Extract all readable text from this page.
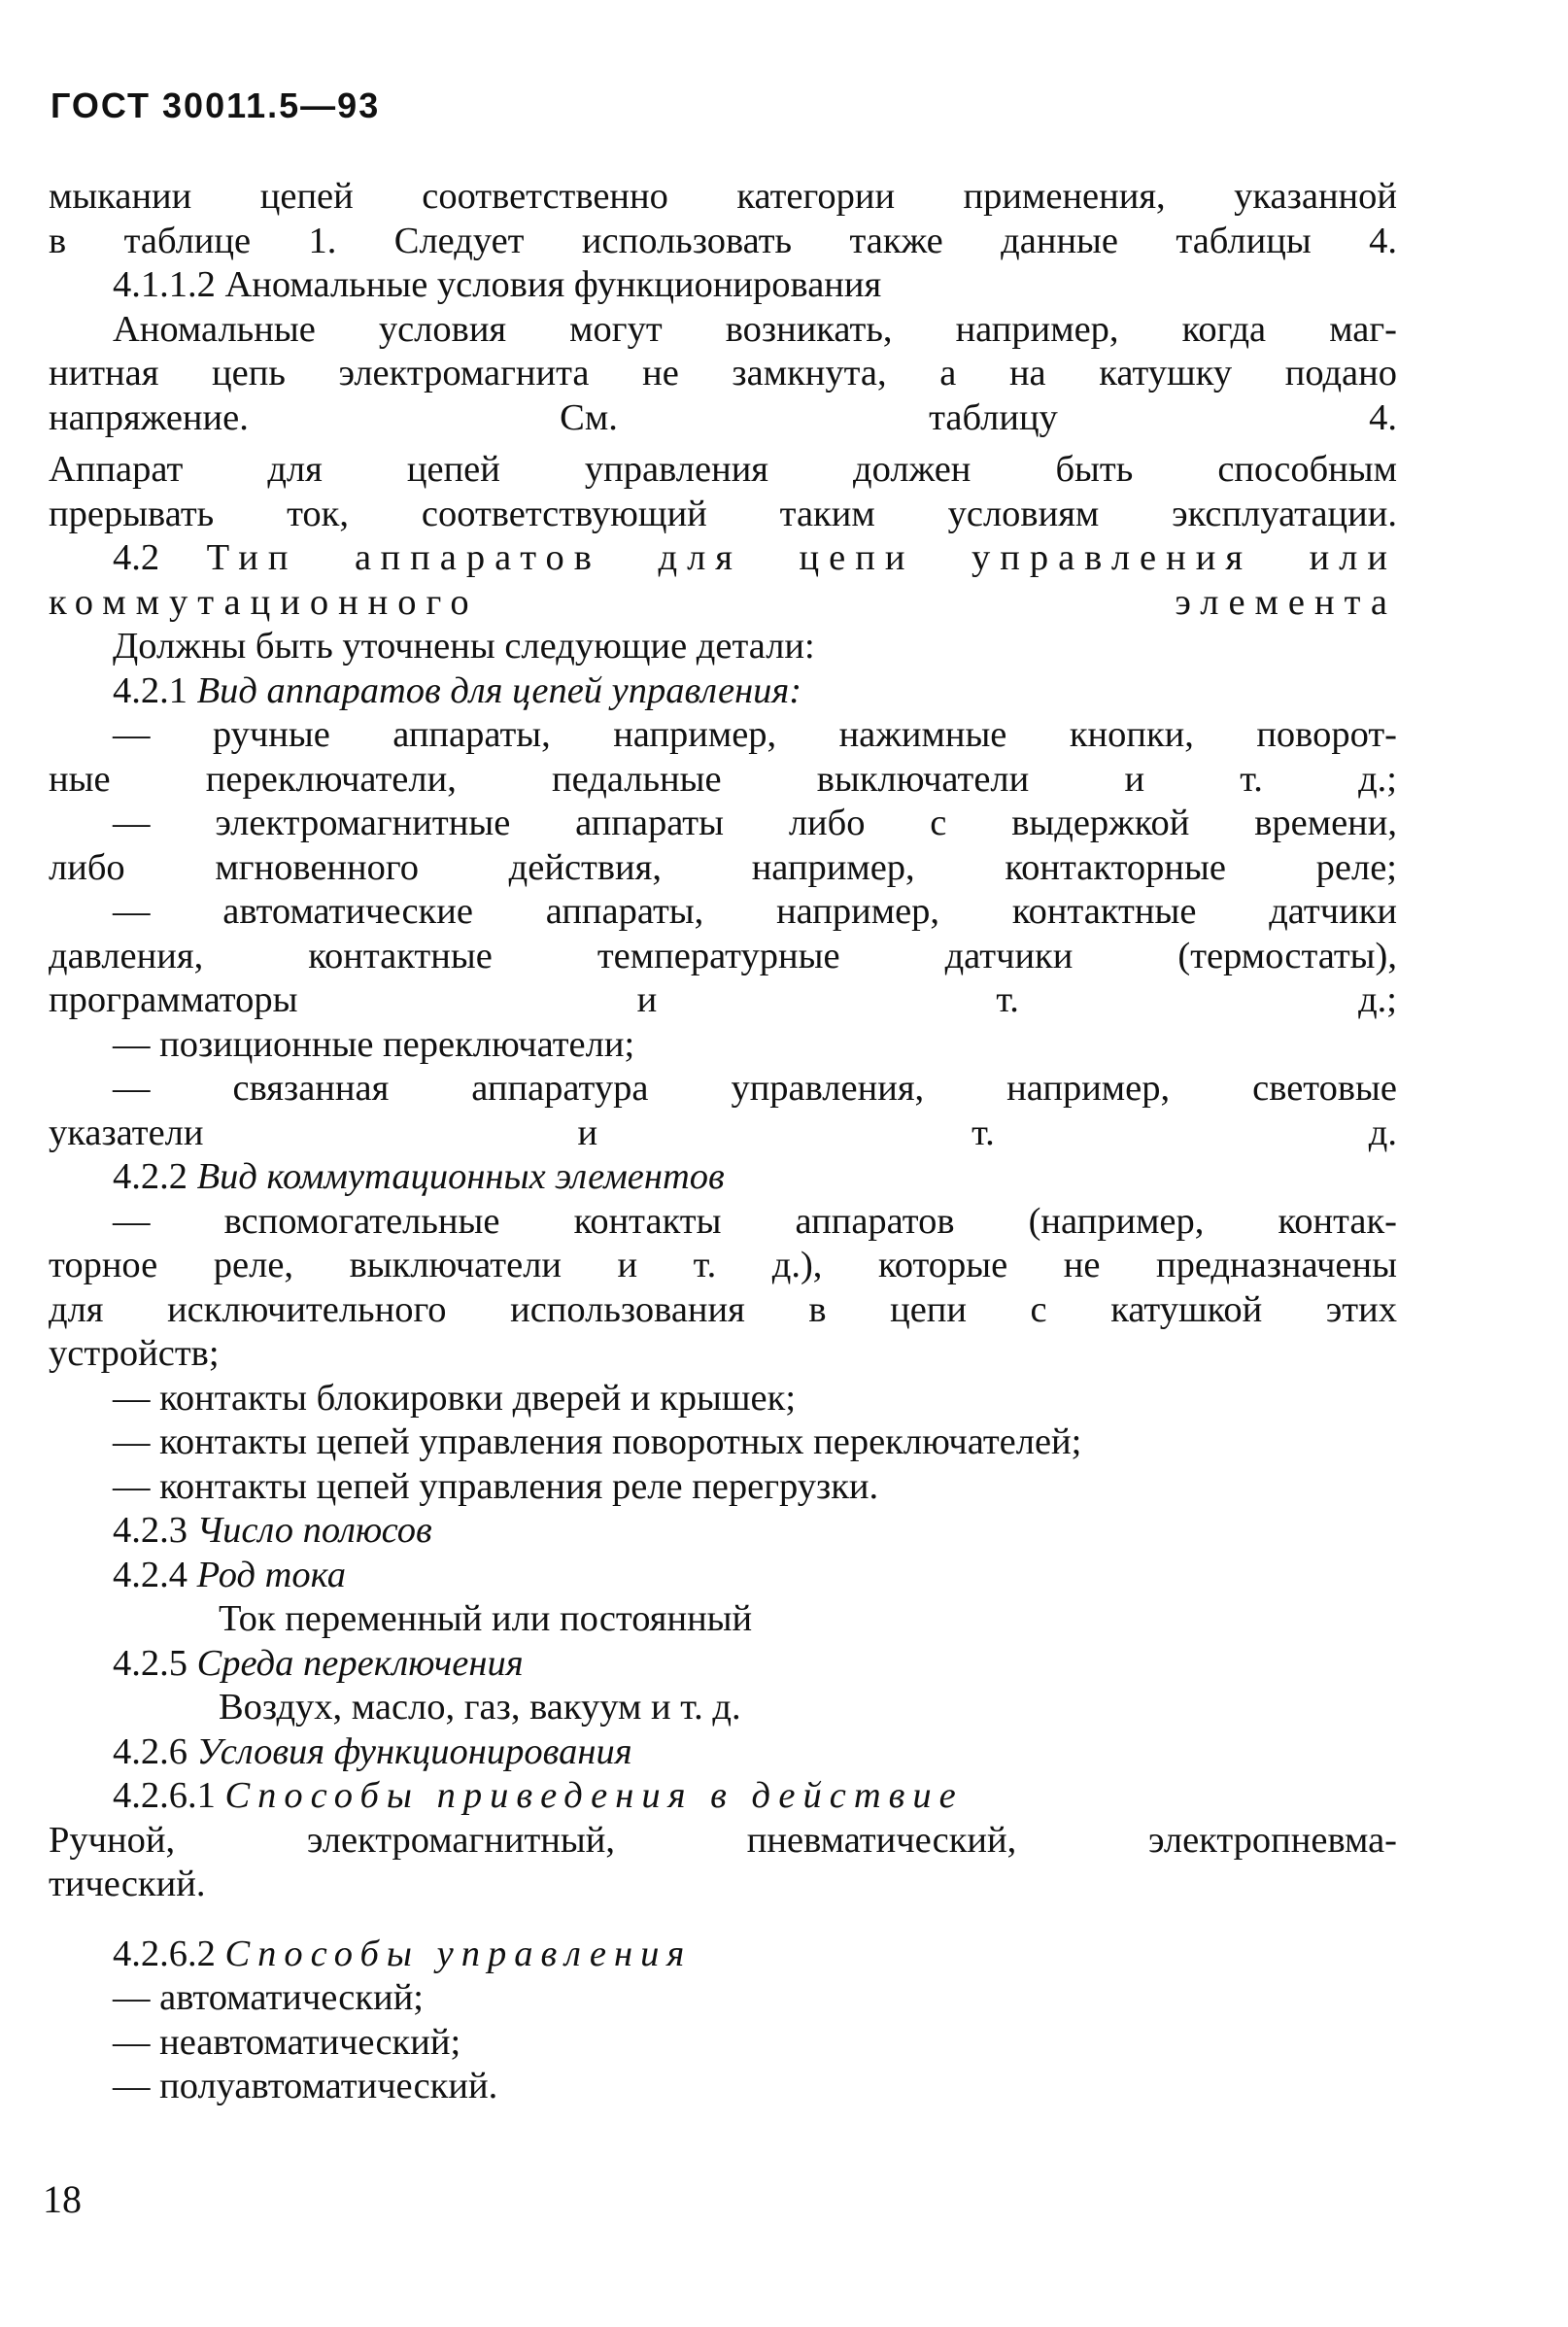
ГОСТ 30011.5—93

мыкании цепей соответственно категории применения, указанной
в таблице 1. Следует использовать также данные таблицы 4.

4.1.1.2 Аномальные условия функционирования

Аномальные условия могут возникать, например, когда маг-
нитная цепь электромагнита не замкнута, а на катушку подано
напряжение. См. таблицу 4.

Аппарат для цепей управления должен быть способным
прерывать ток, соответствующий таким условиям эксплуатации.

4.2 Тип аппаратов для цепи управления или
коммутационного элемента

Должны быть уточнены следующие детали:

4.2.1 Вид аппаратов для цепей управления:

— ручные аппараты, например, нажимные кнопки, поворот-
ные переключатели, педальные выключатели и т. д.;

— электромагнитные аппараты либо с выдержкой времени,
либо мгновенного действия, например, контакторные реле;

— автоматические аппараты, например, контактные датчики
давления, контактные температурные датчики (термостаты),
программаторы и т. д.;

— позиционные переключатели;

— связанная аппаратура управления, например, световые
указатели и т. д.

4.2.2 Вид коммутационных элементов

— вспомогательные контакты аппаратов (например, контак-
торное реле, выключатели и т. д.), которые не предназначены
для исключительного использования в цепи с катушкой этих
устройств;

— контакты блокировки дверей и крышек;

— контакты цепей управления поворотных переключателей;

— контакты цепей управления реле перегрузки.

4.2.3 Число полюсов

4.2.4 Род тока

Ток переменный или постоянный

4.2.5 Среда переключения

Воздух, масло, газ, вакуум и т. д.

4.2.6 Условия функционирования

4.2.6.1 Способы приведения в действие

Ручной, электромагнитный, пневматический, электропневма-
тический.

4.2.6.2 Способы управления

— автоматический;

— неавтоматический;

— полуавтоматический.

18
